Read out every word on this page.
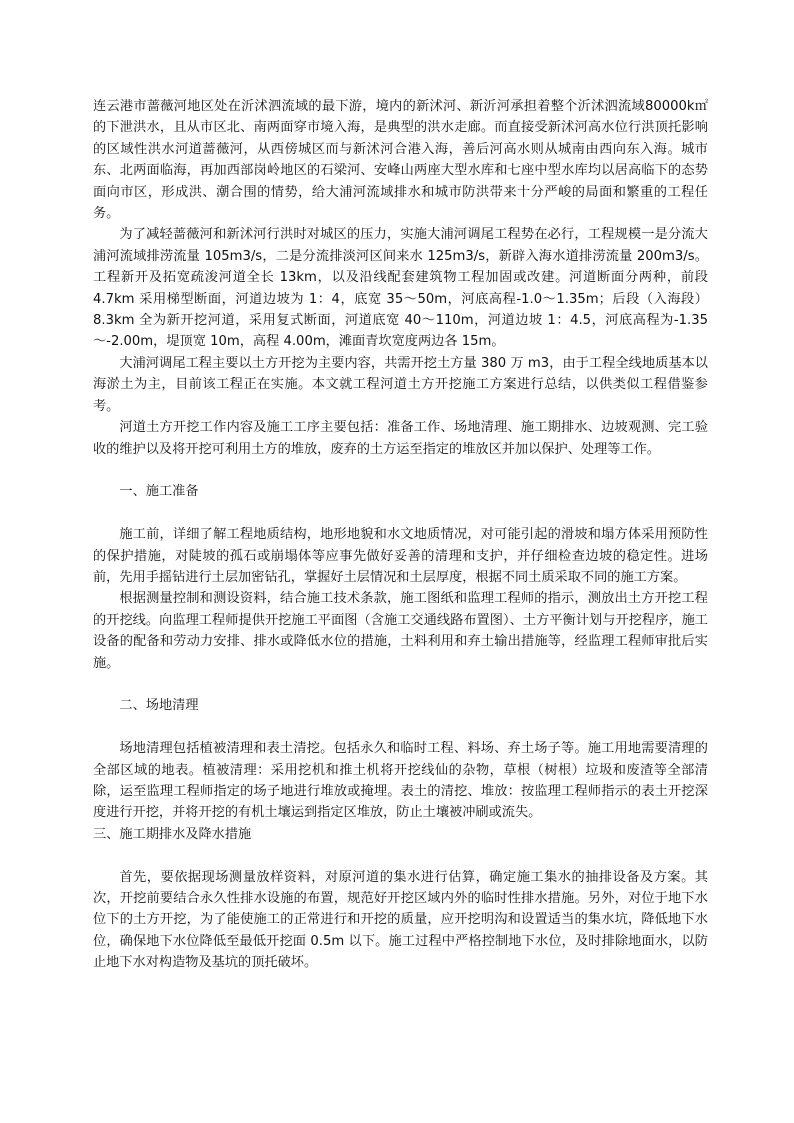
连云港市蔷薇河地区处在沂沭泗流域的最下游，境内的新沭河、新沂河承担着整个沂沭泗流域80000k㎡的下泄洪水，且从市区北、南两面穿市境入海，是典型的洪水走廊。而直接受新沭河高水位行洪顶托影响的区域性洪水河道蔷薇河，从西傍城区而与新沭河合港入海，善后河高水则从城南由西向东入海。城市东、北两面临海，再加西部岗岭地区的石梁河、安峰山两座大型水库和七座中型水库均以居高临下的态势面向市区，形成洪、潮合围的情势，给大浦河流域排水和城市防洪带来十分严峻的局面和繁重的工程任务。

为了减轻蔷薇河和新沭河行洪时对城区的压力，实施大浦河调尾工程势在必行，工程规模一是分流大浦河流域排涝流量 105m3/s，二是分流排淡河区间来水 125m3/s，新辟入海水道排涝流量 200m3/s。工程新开及拓宽疏浚河道全长 13km，以及沿线配套建筑物工程加固或改建。河道断面分两种，前段 4.7km 采用梯型断面，河道边坡为 1：4，底宽 35～50m，河底高程-1.0～1.35m；后段（入海段）8.3km 全为新开挖河道，采用复式断面，河道底宽 40～110m，河道边坡 1：4.5，河底高程为-1.35～-2.00m，堤顶宽 10m，高程 4.00m，滩面青坎宽度两边各 15m。

大浦河调尾工程主要以土方开挖为主要内容，共需开挖土方量 380 万 m3，由于工程全线地质基本以海淤土为主，目前该工程正在实施。本文就工程河道土方开挖施工方案进行总结，以供类似工程借鉴参考。

河道土方开挖工作内容及施工工序主要包括：准备工作、场地清理、施工期排水、边坡观测、完工验收的维护以及将开挖可利用土方的堆放，废弃的土方运至指定的堆放区并加以保护、处理等工作。

一、施工准备

施工前，详细了解工程地质结构，地形地貌和水文地质情况，对可能引起的滑坡和塌方体采用预防性的保护措施，对陡坡的孤石或崩塌体等应事先做好妥善的清理和支护，并仔细检查边坡的稳定性。进场前，先用手摇钻进行土层加密钻孔，掌握好土层情况和土层厚度，根据不同土质采取不同的施工方案。

根据测量控制和测设资料，结合施工技术条款，施工图纸和监理工程师的指示，测放出土方开挖工程的开挖线。向监理工程师提供开挖施工平面图（含施工交通线路布置图）、土方平衡计划与开挖程序，施工设备的配备和劳动力安排、排水或降低水位的措施，土料利用和弃土输出措施等，经监理工程师审批后实施。

二、场地清理

场地清理包括植被清理和表土清挖。包括永久和临时工程、料场、弃土场子等。施工用地需要清理的全部区域的地表。植被清理：采用挖机和推土机将开挖线仙的杂物，草根（树根）垃圾和废渣等全部清除，运至监理工程师指定的场子地进行堆放或掩埋。表土的清挖、堆放：按监理工程师指示的表土开挖深度进行开挖，并将开挖的有机土壤运到指定区堆放，防止土壤被冲刷或流失。

三、施工期排水及降水措施

首先，要依据现场测量放样资料，对原河道的集水进行估算，确定施工集水的抽排设备及方案。其次，开挖前要结合永久性排水设施的布置，规范好开挖区域内外的临时性排水措施。另外，对位于地下水位下的土方开挖，为了能使施工的正常进行和开挖的质量，应开挖明沟和设置适当的集水坑，降低地下水位，确保地下水位降低至最低开挖面 0.5m 以下。施工过程中严格控制地下水位，及时排除地面水，以防止地下水对构造物及基坑的顶托破坏。
